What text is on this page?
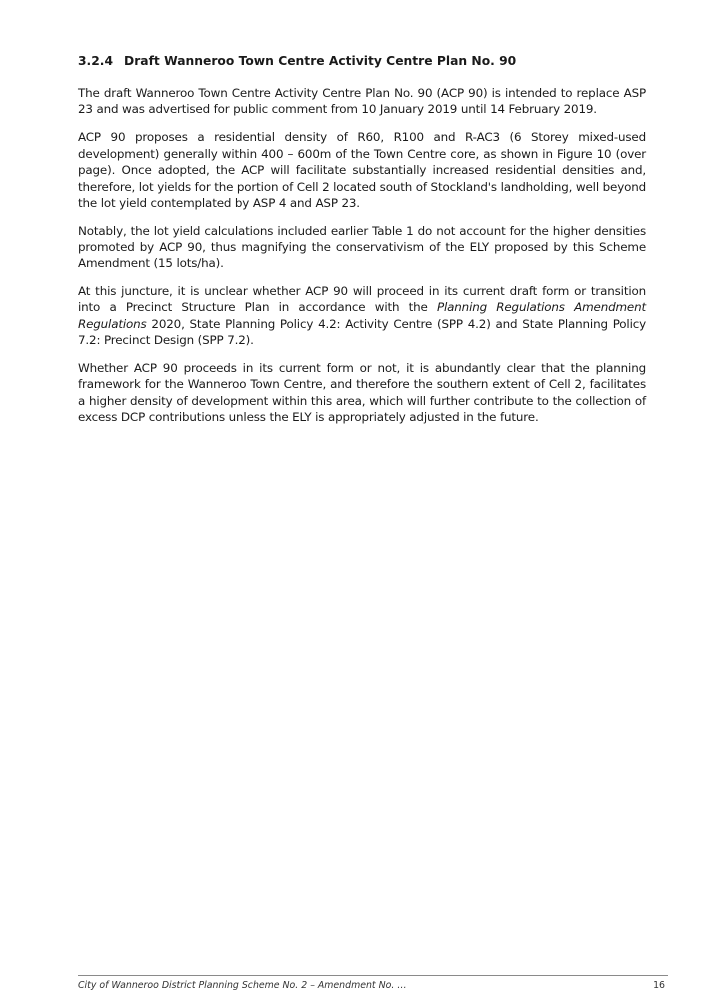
3.2.4 Draft Wanneroo Town Centre Activity Centre Plan No. 90

The draft Wanneroo Town Centre Activity Centre Plan No. 90 (ACP 90) is intended to replace ASP 23 and was advertised for public comment from 10 January 2019 until 14 February 2019.

ACP 90 proposes a residential density of R60, R100 and R-AC3 (6 Storey mixed-used development) generally within 400 – 600m of the Town Centre core, as shown in Figure 10 (over page). Once adopted, the ACP will facilitate substantially increased residential densities and, therefore, lot yields for the portion of Cell 2 located south of Stockland's landholding, well beyond the lot yield contemplated by ASP 4 and ASP 23.

Notably, the lot yield calculations included earlier Table 1 do not account for the higher densities promoted by ACP 90, thus magnifying the conservativism of the ELY proposed by this Scheme Amendment (15 lots/ha).

At this juncture, it is unclear whether ACP 90 will proceed in its current draft form or transition into a Precinct Structure Plan in accordance with the Planning Regulations Amendment Regulations 2020, State Planning Policy 4.2: Activity Centre (SPP 4.2) and State Planning Policy 7.2: Precinct Design (SPP 7.2).

Whether ACP 90 proceeds in its current form or not, it is abundantly clear that the planning framework for the Wanneroo Town Centre, and therefore the southern extent of Cell 2, facilitates a higher density of development within this area, which will further contribute to the collection of excess DCP contributions unless the ELY is appropriately adjusted in the future.

City of Wanneroo District Planning Scheme No. 2 – Amendment No. …	16
